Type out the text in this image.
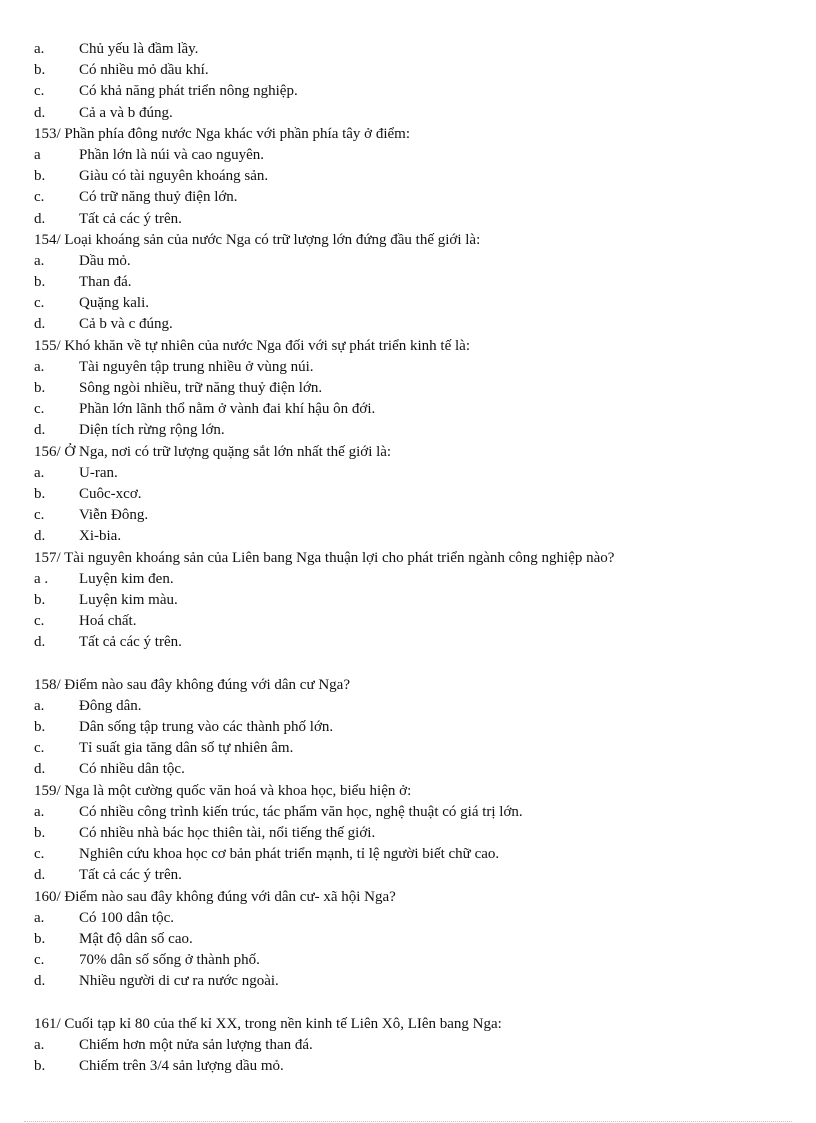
a. Chủ yếu là đầm lầy.
b. Có nhiều mỏ dầu khí.
c. Có khả năng phát triển nông nghiệp.
d. Cả a và b đúng.
153/ Phần phía đông nước Nga khác với phần phía tây ở điểm:
a	Phần lớn là núi và cao nguyên.
b. Giàu có tài nguyên khoáng sản.
c. Có trữ năng thuỷ điện lớn.
d. Tất cả các ý trên.
154/ Loại khoáng sản của nước Nga có trữ lượng lớn đứng đầu thế giới là:
a. Dầu mỏ.
b. Than đá.
c. Quặng kali.
d. Cả b và c đúng.
155/ Khó khăn về tự nhiên của nước Nga đối với sự phát triển kinh tế là:
a. Tài nguyên tập trung nhiều ở vùng núi.
b. Sông ngòi nhiều, trữ năng thuỷ điện lớn.
c. Phần lớn lãnh thổ nằm ở vành đai khí hậu ôn đới.
d. Diện tích rừng rộng lớn.
156/ Ở Nga, nơi có trữ lượng quặng sắt lớn nhất thế giới là:
a. U-ran.
b. Cuôc-xcơ.
c. Viễn Đông.
d. Xi-bia.
157/ Tài nguyên khoáng sản của Liên bang Nga thuận lợi cho phát triển ngành công nghiệp nào?
a . Luyện kim đen.
b. Luyện kim màu.
c. Hoá chất.
d. Tất cả các ý trên.
158/ Điểm nào sau đây không đúng với dân cư Nga?
a. Đông dân.
b. Dân sống tập trung vào các thành phố lớn.
c. Tỉ suất gia tăng dân số tự nhiên âm.
d. Có nhiều dân tộc.
159/ Nga là một cường quốc văn hoá và khoa học, biểu hiện ở:
a. Có nhiều công trình kiến trúc, tác phẩm văn học, nghệ thuật có giá trị lớn.
b. Có nhiều nhà bác học thiên tài, nổi tiếng thế giới.
c. Nghiên cứu khoa học cơ bản phát triển mạnh, tỉ lệ người biết chữ cao.
d. Tất cả các ý trên.
160/ Điểm nào sau đây không đúng với dân cư- xã hội Nga?
a. Có 100 dân tộc.
b. Mật độ dân số cao.
c. 70% dân số sống ở thành phố.
d. Nhiều người di cư ra nước ngoài.
161/ Cuối tạp kỉ 80 của thế kỉ XX, trong nền kinh tế Liên Xô, LIên bang Nga:
a. Chiếm hơn một nửa sản lượng than đá.
b. Chiếm trên 3/4 sản lượng dầu mỏ.
